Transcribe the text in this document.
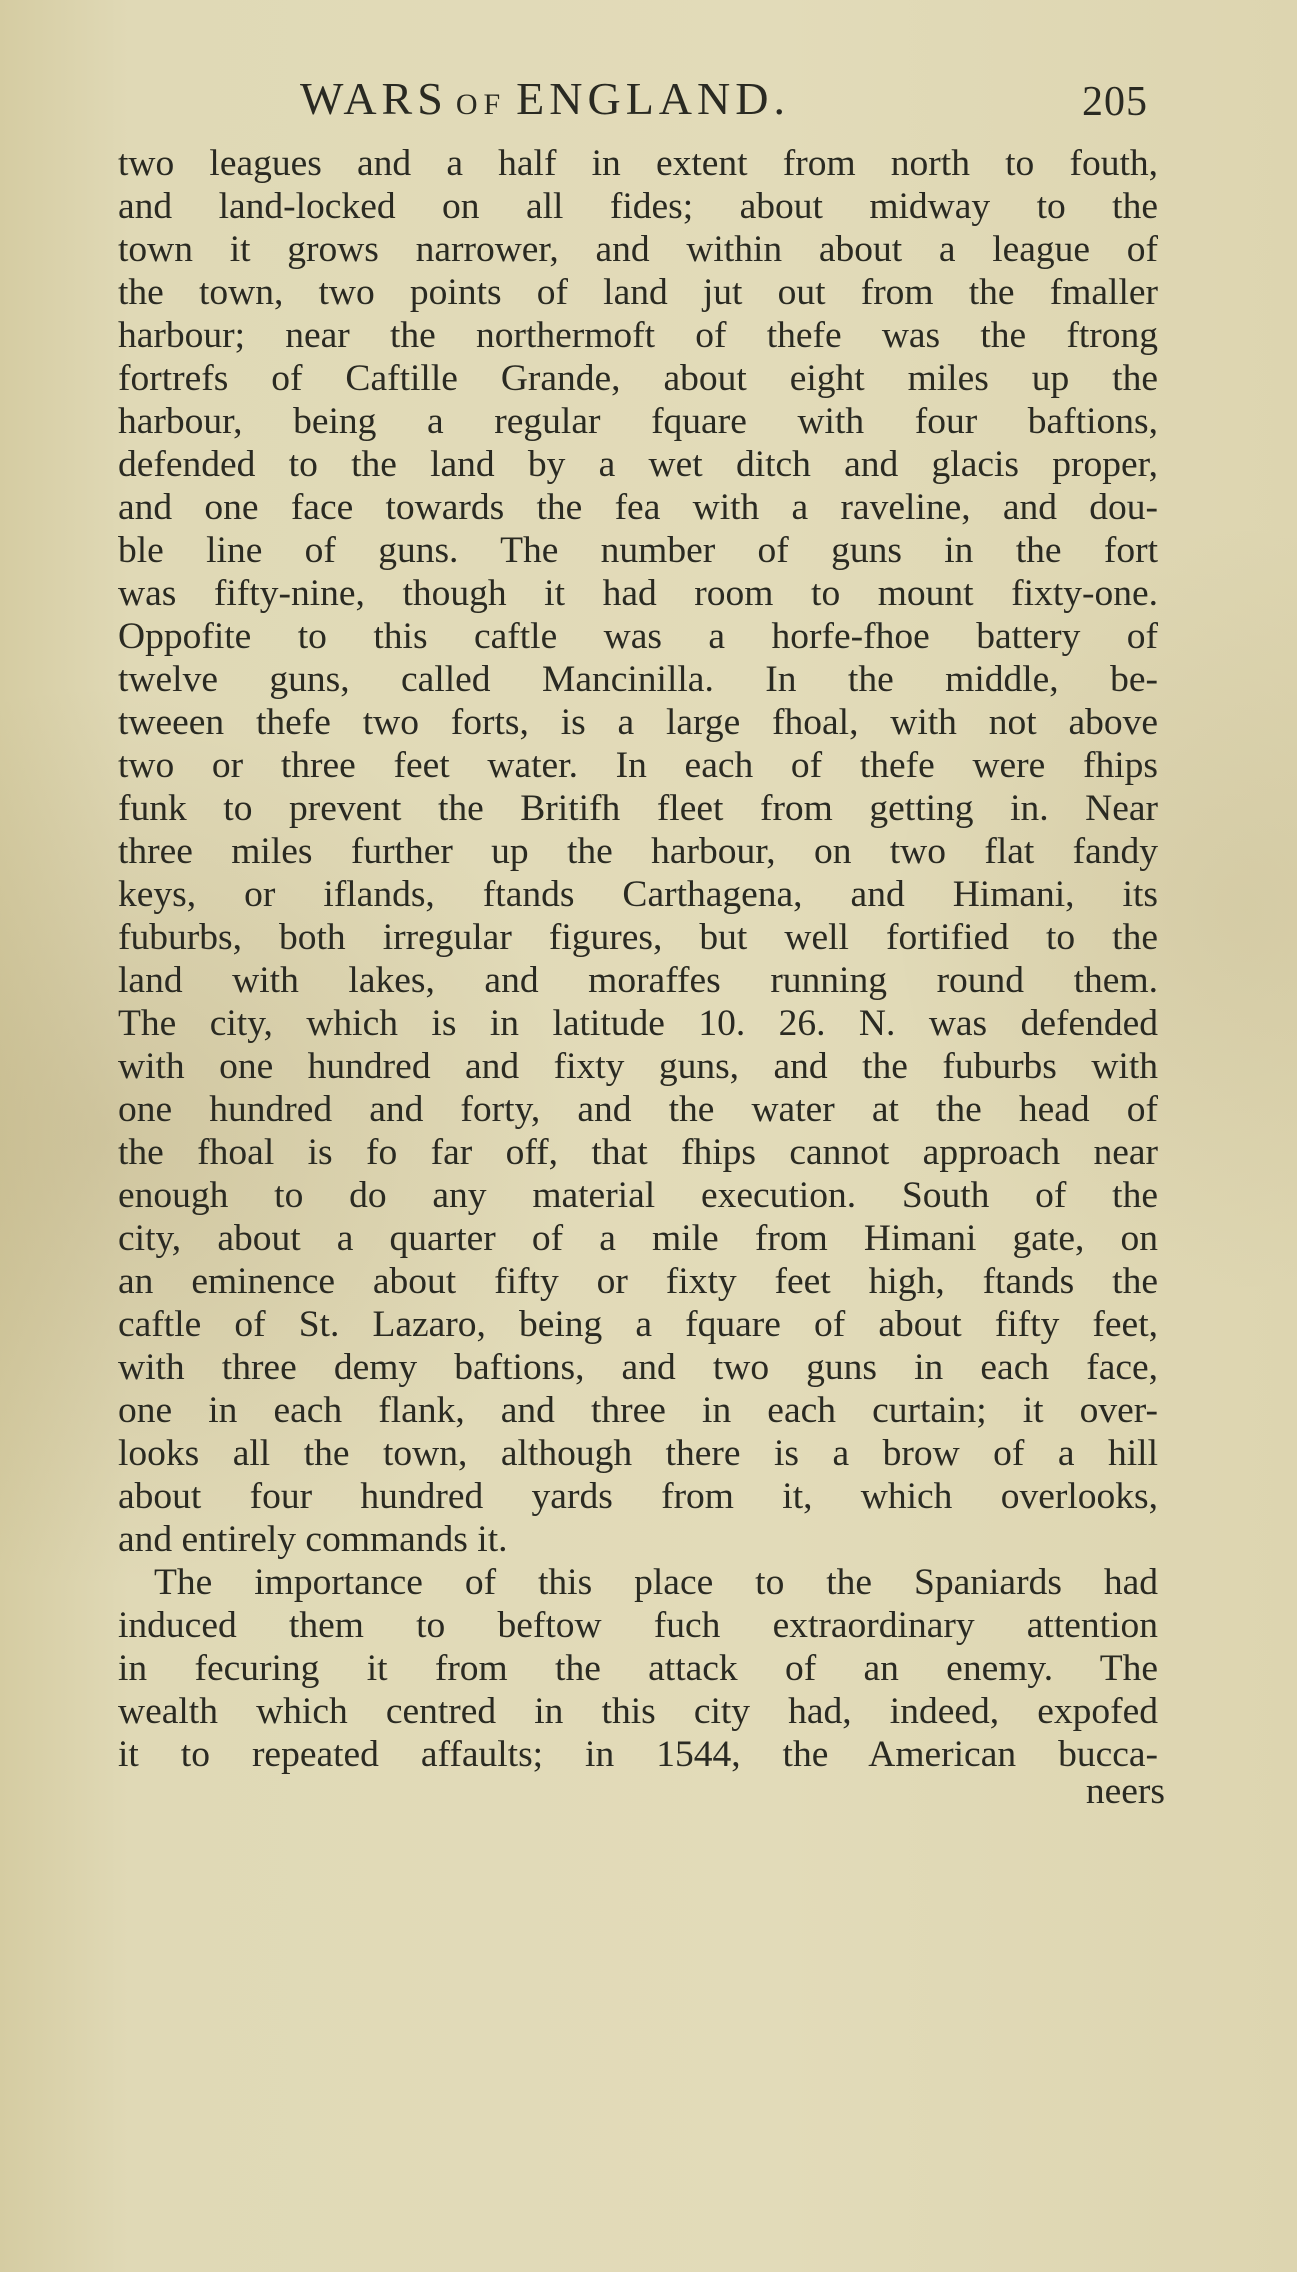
WARS OF ENGLAND.	205
two leagues and a half in extent from north to fouth,
and land-locked on all fides; about midway to the
town it grows narrower, and within about a league of
the town, two points of land jut out from the fmaller
harbour; near the northermoft of thefe was the ftrong
fortrefs of Caftille Grande, about eight miles up the
harbour, being a regular fquare with four baftions,
defended to the land by a wet ditch and glacis proper,
and one face towards the fea with a raveline, and dou-
ble line of guns. The number of guns in the fort
was fifty-nine, though it had room to mount fixty-one.
Oppofite to this caftle was a horfe-fhoe battery of
twelve guns, called Mancinilla. In the middle, be-
tweeen thefe two forts, is a large fhoal, with not above
two or three feet water. In each of thefe were fhips
funk to prevent the Britifh fleet from getting in. Near
three miles further up the harbour, on two flat fandy
keys, or iflands, ftands Carthagena, and Himani, its
fuburbs, both irregular figures, but well fortified to the
land with lakes, and moraffes running round them.
The city, which is in latitude 10. 26. N. was defended
with one hundred and fixty guns, and the fuburbs with
one hundred and forty, and the water at the head of
the fhoal is fo far off, that fhips cannot approach near
enough to do any material execution. South of the
city, about a quarter of a mile from Himani gate, on
an eminence about fifty or fixty feet high, ftands the
caftle of St. Lazaro, being a fquare of about fifty feet,
with three demy baftions, and two guns in each face,
one in each flank, and three in each curtain; it over-
looks all the town, although there is a brow of a hill
about four hundred yards from it, which overlooks,
and entirely commands it.
The importance of this place to the Spaniards had
induced them to beftow fuch extraordinary attention
in fecuring it from the attack of an enemy. The
wealth which centred in this city had, indeed, expofed
it to repeated affaults; in 1544, the American bucca-
neers
